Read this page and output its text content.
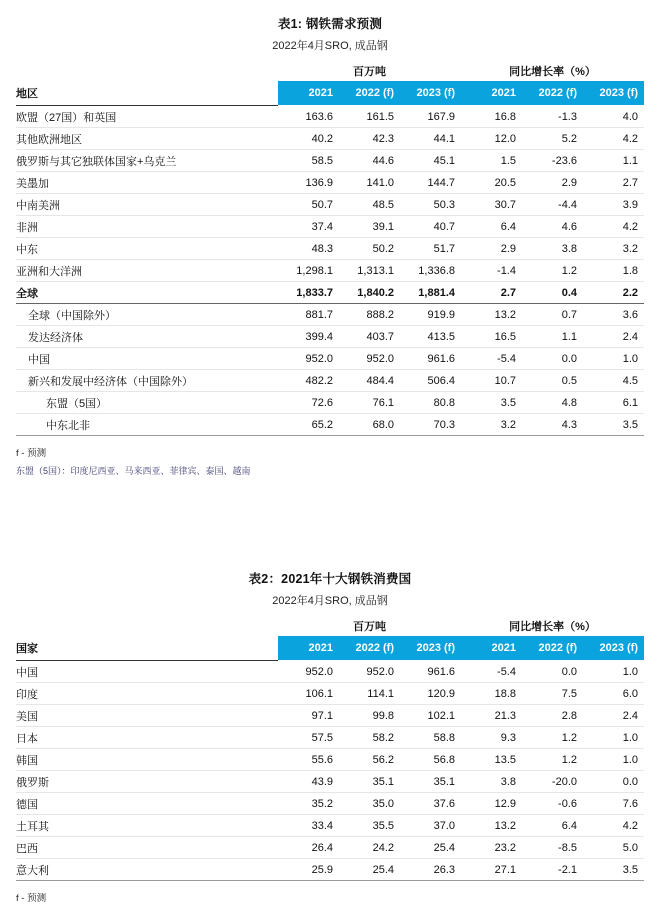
表1: 钢铁需求预测
2022年4月SRO, 成品钢
	百万吨			同比增长率（%）		
地区	2021	2022 (f)	2023 (f)	2021	2022 (f)	2023 (f)
欧盟（27国）和英国	163.6	161.5	167.9	16.8	-1.3	4.0
其他欧洲地区	40.2	42.3	44.1	12.0	5.2	4.2
俄罗斯与其它独联体国家+乌克兰	58.5	44.6	45.1	1.5	-23.6	1.1
美墨加	136.9	141.0	144.7	20.5	2.9	2.7
中南美洲	50.7	48.5	50.3	30.7	-4.4	3.9
非洲	37.4	39.1	40.7	6.4	4.6	4.2
中东	48.3	50.2	51.7	2.9	3.8	3.2
亚洲和大洋洲	1,298.1	1,313.1	1,336.8	-1.4	1.2	1.8
全球	1,833.7	1,840.2	1,881.4	2.7	0.4	2.2
全球（中国除外）	881.7	888.2	919.9	13.2	0.7	3.6
发达经济体	399.4	403.7	413.5	16.5	1.1	2.4
中国	952.0	952.0	961.6	-5.4	0.0	1.0
新兴和发展中经济体（中国除外）	482.2	484.4	506.4	10.7	0.5	4.5
东盟（5国）	72.6	76.1	80.8	3.5	4.8	6.1
中东北非	65.2	68.0	70.3	3.2	4.3	3.5
f - 预测
东盟（5国）：印度尼西亚、马来西亚、菲律宾、泰国、越南
表2：2021年十大钢铁消费国
2022年4月SRO, 成品钢
	百万吨			同比增长率（%）		
国家	2021	2022 (f)	2023 (f)	2021	2022 (f)	2023 (f)
中国	952.0	952.0	961.6	-5.4	0.0	1.0
印度	106.1	114.1	120.9	18.8	7.5	6.0
美国	97.1	99.8	102.1	21.3	2.8	2.4
日本	57.5	58.2	58.8	9.3	1.2	1.0
韩国	55.6	56.2	56.8	13.5	1.2	1.0
俄罗斯	43.9	35.1	35.1	3.8	-20.0	0.0
德国	35.2	35.0	37.6	12.9	-0.6	7.6
土耳其	33.4	35.5	37.0	13.2	6.4	4.2
巴西	26.4	24.2	25.4	23.2	-8.5	5.0
意大利	25.9	25.4	26.3	27.1	-2.1	3.5
f - 预测
